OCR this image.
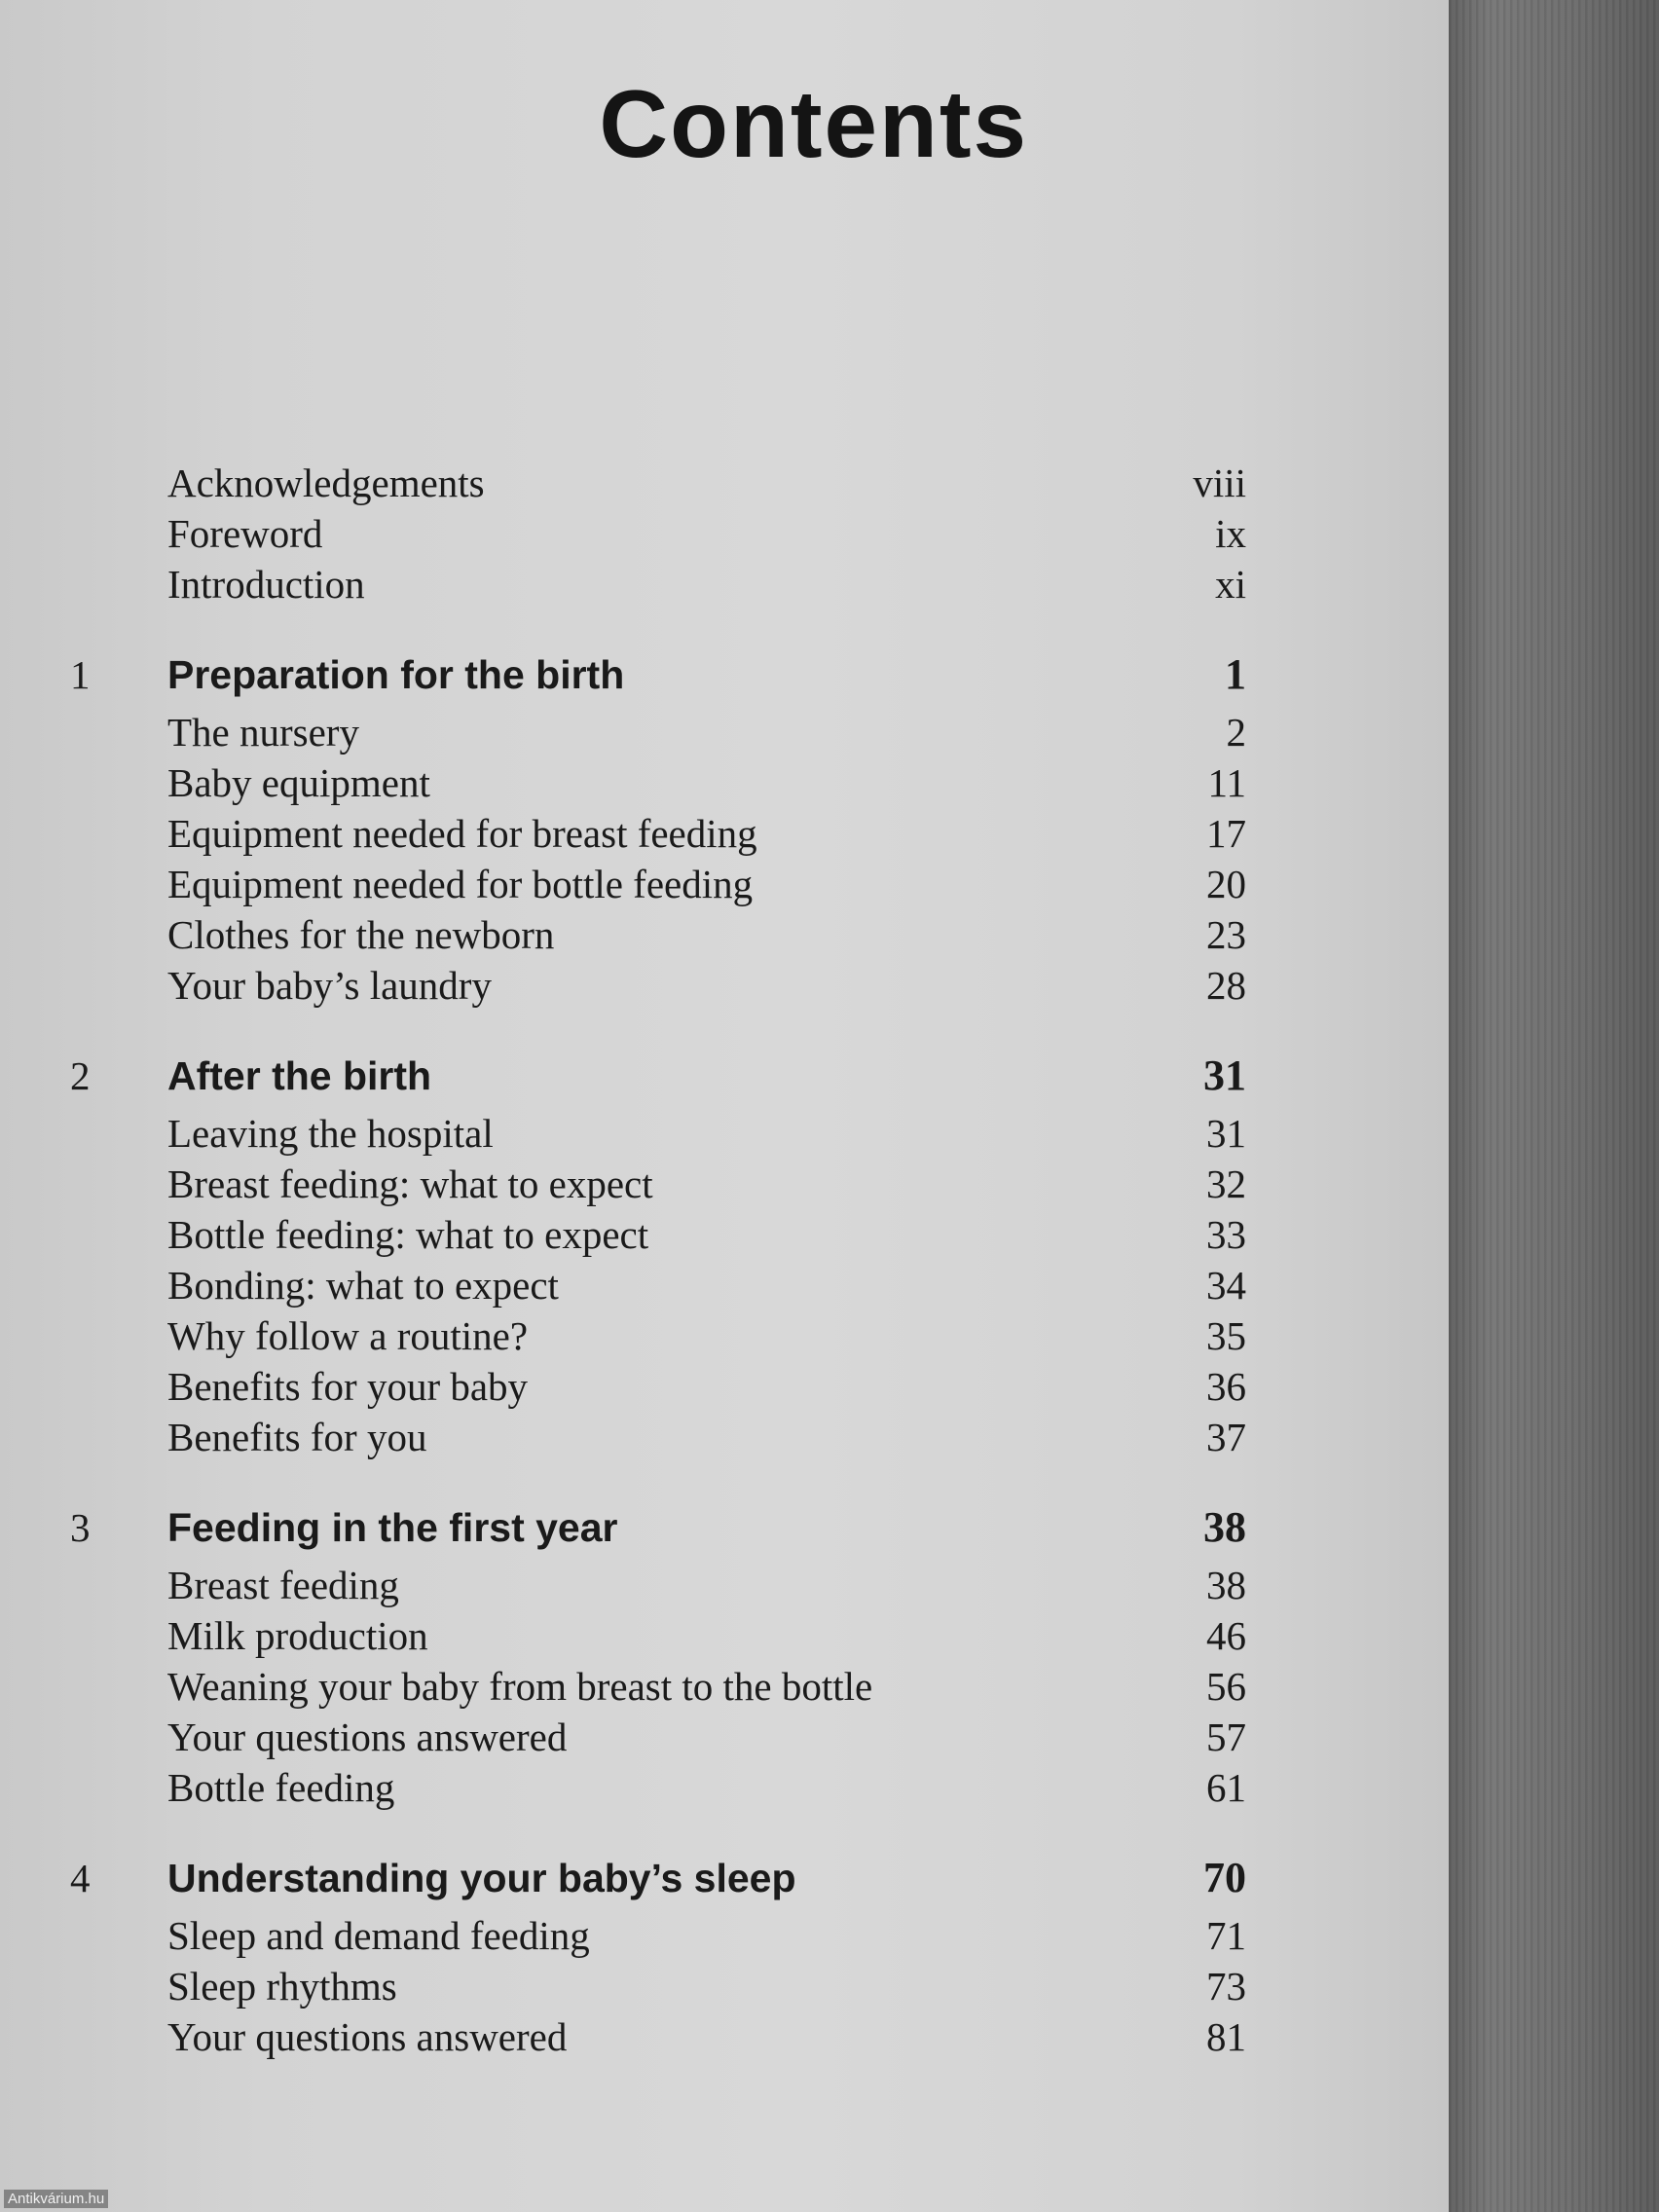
Contents
Acknowledgements	viii
Foreword	ix
Introduction	xi
1 Preparation for the birth	1
The nursery	2
Baby equipment	11
Equipment needed for breast feeding	17
Equipment needed for bottle feeding	20
Clothes for the newborn	23
Your baby’s laundry	28
2 After the birth	31
Leaving the hospital	31
Breast feeding: what to expect	32
Bottle feeding: what to expect	33
Bonding: what to expect	34
Why follow a routine?	35
Benefits for your baby	36
Benefits for you	37
3 Feeding in the first year	38
Breast feeding	38
Milk production	46
Weaning your baby from breast to the bottle	56
Your questions answered	57
Bottle feeding	61
4 Understanding your baby’s sleep	70
Sleep and demand feeding	71
Sleep rhythms	73
Your questions answered	81
Antikvárium.hu
